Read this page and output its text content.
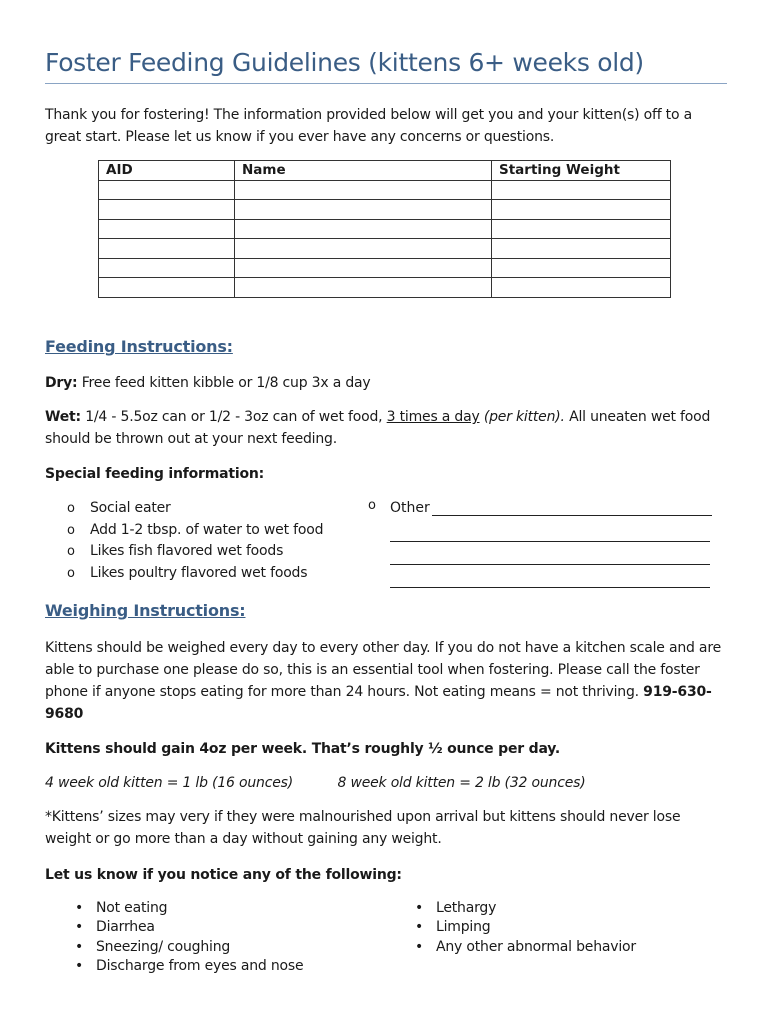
Foster Feeding Guidelines (kittens 6+ weeks old)

Thank you for fostering! The information provided below will get you and your kitten(s) off to a great start. Please let us know if you ever have any concerns or questions.

AID	Name	Starting Weight

Feeding Instructions:

Dry: Free feed kitten kibble or 1/8 cup 3x a day

Wet: 1/4 - 5.5oz can or 1/2 - 3oz can of wet food, 3 times a day (per kitten). All uneaten wet food should be thrown out at your next feeding.

Special feeding information:

o Social eater
o Add 1-2 tbsp. of water to wet food
o Likes fish flavored wet foods
o Likes poultry flavored wet foods
o Other
Weighing Instructions:

Kittens should be weighed every day to every other day. If you do not have a kitchen scale and are able to purchase one please do so, this is an essential tool when fostering. Please call the foster phone if anyone stops eating for more than 24 hours. Not eating means = not thriving. 919-630-9680

Kittens should gain 4oz per week. That’s roughly ½ ounce per day.

4 week old kitten = 1 lb (16 ounces)	8 week old kitten = 2 lb (32 ounces)

*Kittens’ sizes may very if they were malnourished upon arrival but kittens should never lose weight or go more than a day without gaining any weight.

Let us know if you notice any of the following:

• Not eating
• Diarrhea
• Sneezing/ coughing
• Discharge from eyes and nose
• Lethargy
• Limping
• Any other abnormal behavior
